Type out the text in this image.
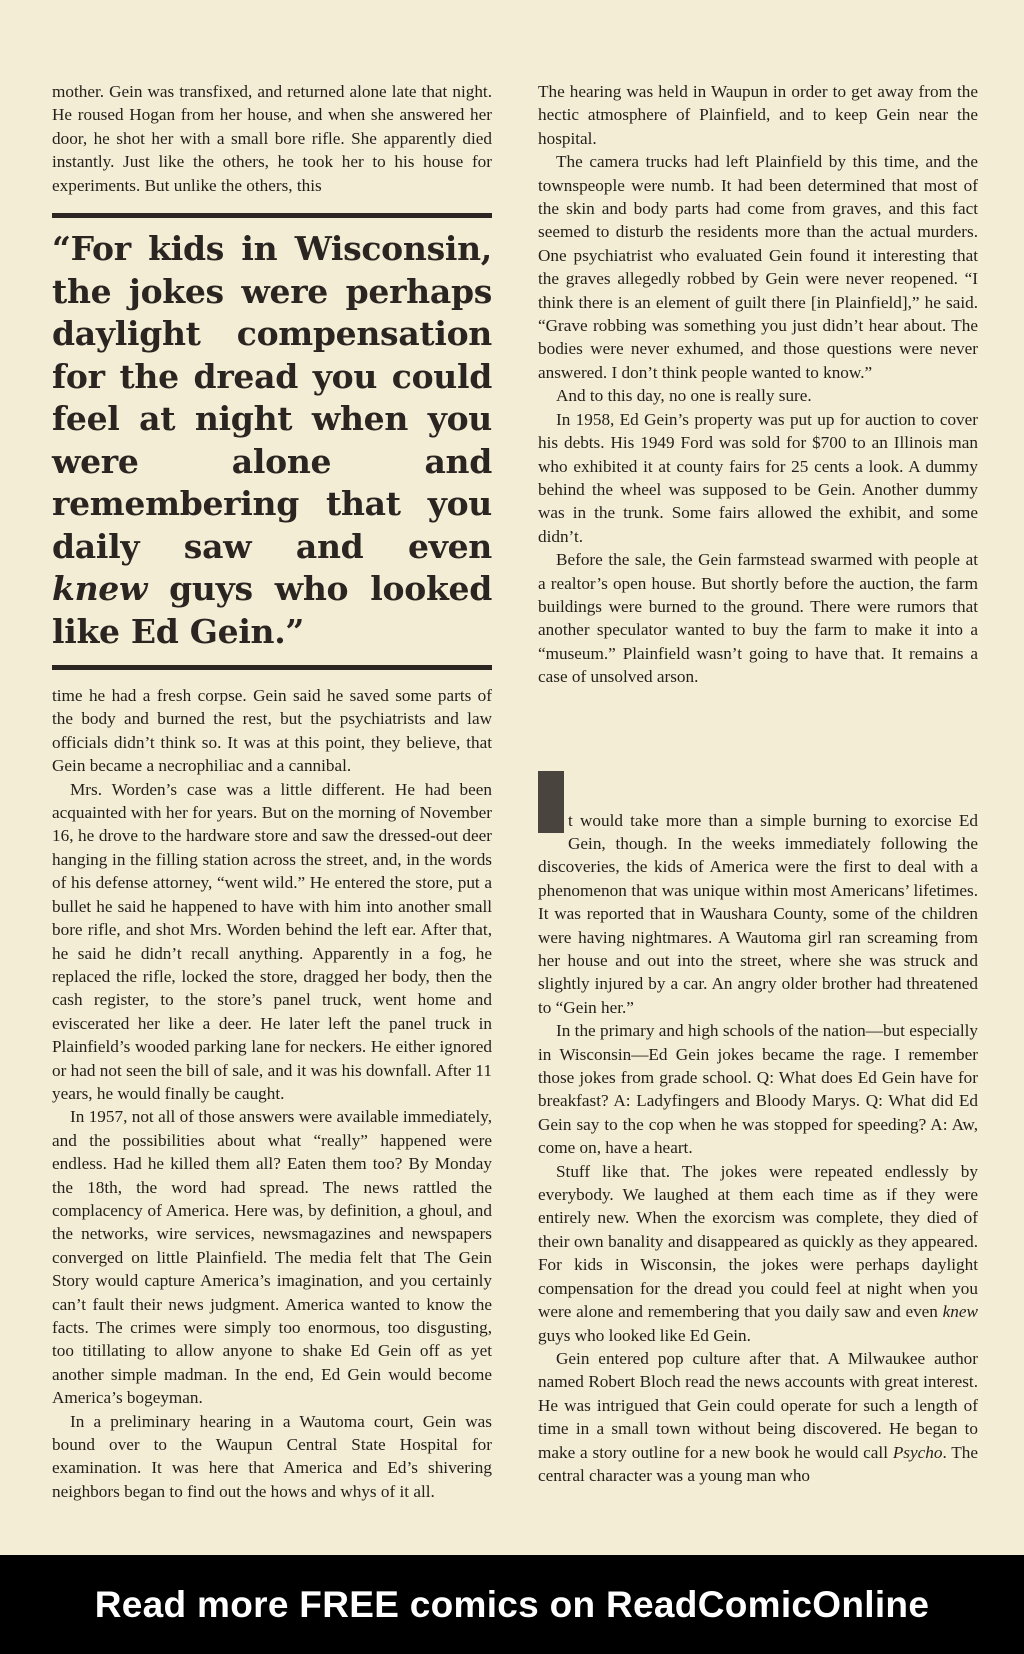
mother. Gein was transfixed, and returned alone late that night. He roused Hogan from her house, and when she answered her door, he shot her with a small bore rifle. She apparently died instantly. Just like the others, he took her to his house for experiments. But unlike the others, this

“For kids in Wisconsin, the jokes were perhaps daylight compensation for the dread you could feel at night when you were alone and remembering that you daily saw and even knew guys who looked like Ed Gein.”

time he had a fresh corpse. Gein said he saved some parts of the body and burned the rest, but the psychiatrists and law officials didn’t think so. It was at this point, they believe, that Gein became a necrophiliac and a cannibal.

Mrs. Worden’s case was a little different. He had been acquainted with her for years. But on the morning of November 16, he drove to the hardware store and saw the dressed-out deer hanging in the filling station across the street, and, in the words of his defense attorney, “went wild.” He entered the store, put a bullet he said he happened to have with him into another small bore rifle, and shot Mrs. Worden behind the left ear. After that, he said he didn’t recall anything. Apparently in a fog, he replaced the rifle, locked the store, dragged her body, then the cash register, to the store’s panel truck, went home and eviscerated her like a deer. He later left the panel truck in Plainfield’s wooded parking lane for neckers. He either ignored or had not seen the bill of sale, and it was his downfall. After 11 years, he would finally be caught.

In 1957, not all of those answers were available immediately, and the possibilities about what “really” happened were endless. Had he killed them all? Eaten them too? By Monday the 18th, the word had spread. The news rattled the complacency of America. Here was, by definition, a ghoul, and the networks, wire services, newsmagazines and newspapers converged on little Plainfield. The media felt that The Gein Story would capture America’s imagination, and you certainly can’t fault their news judgment. America wanted to know the facts. The crimes were simply too enormous, too disgusting, too titillating to allow anyone to shake Ed Gein off as yet another simple madman. In the end, Ed Gein would become America’s bogeyman.

In a preliminary hearing in a Wautoma court, Gein was bound over to the Waupun Central State Hospital for examination. It was here that America and Ed’s shivering neighbors began to find out the hows and whys of it all.

The hearing was held in Waupun in order to get away from the hectic atmosphere of Plainfield, and to keep Gein near the hospital.

The camera trucks had left Plainfield by this time, and the townspeople were numb. It had been determined that most of the skin and body parts had come from graves, and this fact seemed to disturb the residents more than the actual murders. One psychiatrist who evaluated Gein found it interesting that the graves allegedly robbed by Gein were never reopened. “I think there is an element of guilt there [in Plainfield],” he said. “Grave robbing was something you just didn’t hear about. The bodies were never exhumed, and those questions were never answered. I don’t think people wanted to know.”

And to this day, no one is really sure.

In 1958, Ed Gein’s property was put up for auction to cover his debts. His 1949 Ford was sold for $700 to an Illinois man who exhibited it at county fairs for 25 cents a look. A dummy behind the wheel was supposed to be Gein. Another dummy was in the trunk. Some fairs allowed the exhibit, and some didn’t.

Before the sale, the Gein farmstead swarmed with people at a realtor’s open house. But shortly before the auction, the farm buildings were burned to the ground. There were rumors that another speculator wanted to buy the farm to make it into a “museum.” Plainfield wasn’t going to have that. It remains a case of unsolved arson.

t would take more than a simple burning to exorcise Ed Gein, though. In the weeks immediately following the discoveries, the kids of America were the first to deal with a phenomenon that was unique within most Americans’ lifetimes. It was reported that in Waushara County, some of the children were having nightmares. A Wautoma girl ran screaming from her house and out into the street, where she was struck and slightly injured by a car. An angry older brother had threatened to “Gein her.”

In the primary and high schools of the nation—but especially in Wisconsin—Ed Gein jokes became the rage. I remember those jokes from grade school. Q: What does Ed Gein have for breakfast? A: Ladyfingers and Bloody Marys. Q: What did Ed Gein say to the cop when he was stopped for speeding? A: Aw, come on, have a heart.

Stuff like that. The jokes were repeated endlessly by everybody. We laughed at them each time as if they were entirely new. When the exorcism was complete, they died of their own banality and disappeared as quickly as they appeared. For kids in Wisconsin, the jokes were perhaps daylight compensation for the dread you could feel at night when you were alone and remembering that you daily saw and even knew guys who looked like Ed Gein.

Gein entered pop culture after that. A Milwaukee author named Robert Bloch read the news accounts with great interest. He was intrigued that Gein could operate for such a length of time in a small town without being discovered. He began to make a story outline for a new book he would call Psycho. The central character was a young man who

Read more FREE comics on ReadComicOnline
